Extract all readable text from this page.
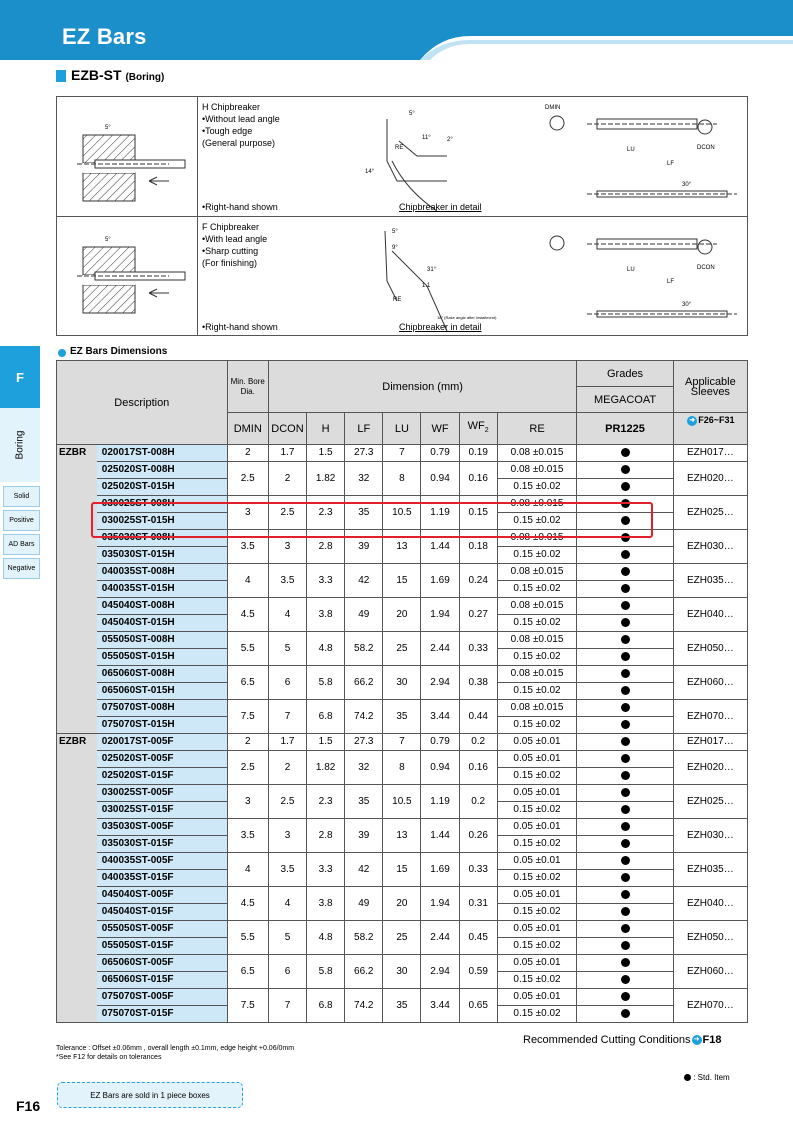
EZ Bars
EZB-ST (Boring)
5°
H Chipbreaker
•Without lead angle
•Tough edge
(General purpose)	11°	2°
5°
14°
RE
DMIN
LU
LF
DCON
30°
•Right-hand shown	Chipbreaker in detail
5°
F Chipbreaker
•With lead angle
•Sharp cutting
(For finishing)
5°
9°
31°
1.1
RE
18° (Rake angle after installment)
LU
LF
DCON
30°
•Right-hand shown	Chipbreaker in detail
F
Boring
Solid
Positive
AD Bars
Negative
EZ Bars Dimensions
Description		Min. Bore Dia.	Dimension (mm)							Grades	Applicable Sleeves
										MEGACOAT	
		DMIN	DCON	H	LF	LU	WF	$WF_2$	RE	PR1225	➜ F26~F31
EZBR	020017ST-008H	2	1.7	1.5	27.3	7	0.79	0.19	0.08 ±0.015		EZH017…
	025020ST-008H	2.5	2	1.82	32	8	0.94	0.16	0.08 ±0.015		EZH020…
	025020ST-015H								0.15 ±0.02		
	030025ST-008H	3	2.5	2.3	35	10.5	1.19	0.15	0.08 ±0.015		EZH025…
	030025ST-015H								0.15 ±0.02		
	035030ST-008H	3.5	3	2.8	39	13	1.44	0.18	0.08 ±0.015		EZH030…
	035030ST-015H								0.15 ±0.02		
	040035ST-008H	4	3.5	3.3	42	15	1.69	0.24	0.08 ±0.015		EZH035…
	040035ST-015H								0.15 ±0.02		
	045040ST-008H	4.5	4	3.8	49	20	1.94	0.27	0.08 ±0.015		EZH040…
	045040ST-015H								0.15 ±0.02		
	055050ST-008H	5.5	5	4.8	58.2	25	2.44	0.33	0.08 ±0.015		EZH050…
	055050ST-015H								0.15 ±0.02		
	065060ST-008H	6.5	6	5.8	66.2	30	2.94	0.38	0.08 ±0.015		EZH060…
	065060ST-015H								0.15 ±0.02		
	075070ST-008H	7.5	7	6.8	74.2	35	3.44	0.44	0.08 ±0.015		EZH070…
	075070ST-015H								0.15 ±0.02		
EZBR	020017ST-005F	2	1.7	1.5	27.3	7	0.79	0.2	0.05 ±0.01		EZH017…
	025020ST-005F	2.5	2	1.82	32	8	0.94	0.16	0.05 ±0.01		EZH020…
	025020ST-015F								0.15 ±0.02		
	030025ST-005F	3	2.5	2.3	35	10.5	1.19	0.2	0.05 ±0.01		EZH025…
	030025ST-015F								0.15 ±0.02		
	035030ST-005F	3.5	3	2.8	39	13	1.44	0.26	0.05 ±0.01		EZH030…
	035030ST-015F								0.15 ±0.02		
	040035ST-005F	4	3.5	3.3	42	15	1.69	0.33	0.05 ±0.01		EZH035…
	040035ST-015F								0.15 ±0.02		
	045040ST-005F	4.5	4	3.8	49	20	1.94	0.31	0.05 ±0.01		EZH040…
	045040ST-015F								0.15 ±0.02		
	055050ST-005F	5.5	5	4.8	58.2	25	2.44	0.45	0.05 ±0.01		EZH050…
	055050ST-015F								0.15 ±0.02		
	065060ST-005F	6.5	6	5.8	66.2	30	2.94	0.59	0.05 ±0.01		EZH060…
	065060ST-015F								0.15 ±0.02		
	075070ST-005F	7.5	7	6.8	74.2	35	3.44	0.65	0.05 ±0.01		EZH070…
	075070ST-015F								0.15 ±0.02		
Tolerance : Offset ±0.06mm , overall length ±0.1mm, edge height +0.06/0mm
*See F12 for details on tolerances
Recommended Cutting Conditions ➜ F18
: Std. Item
F16
EZ Bars are sold in 1 piece boxes
